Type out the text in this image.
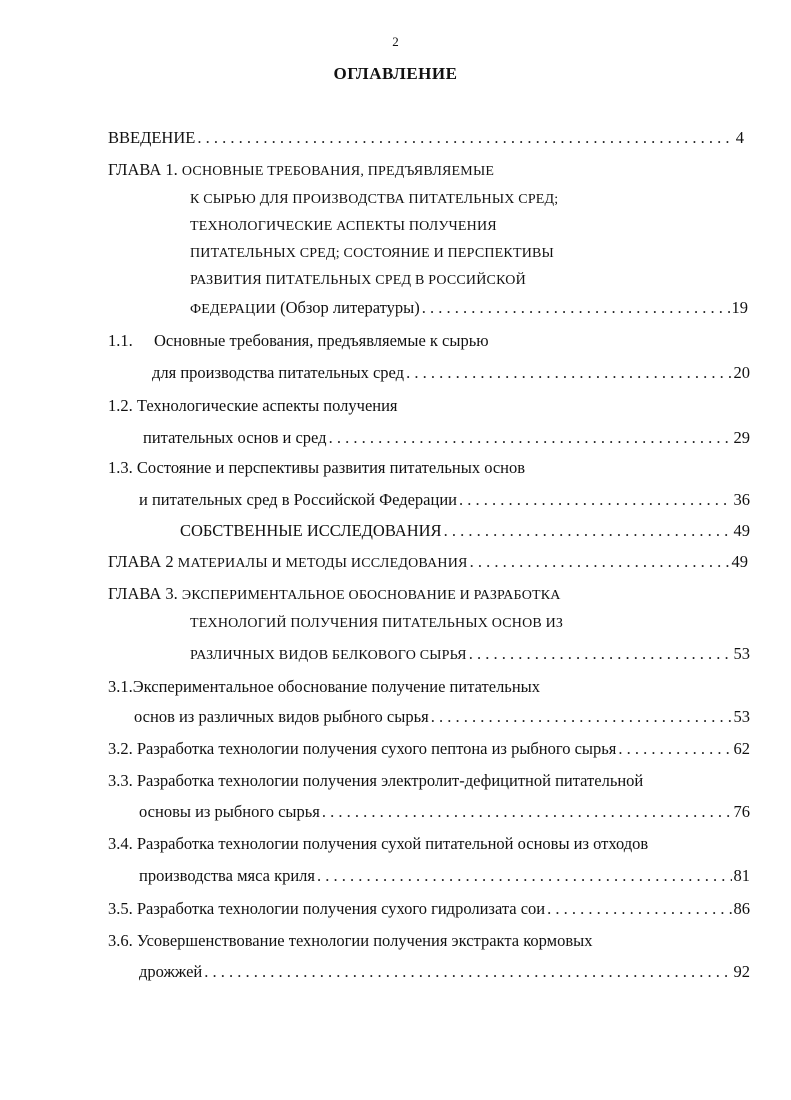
2
ОГЛАВЛЕНИЕ
ВВЕДЕНИЕ . . .	4
ГЛАВА 1. ОСНОВНЫЕ ТРЕБОВАНИЯ, ПРЕДЪЯВЛЯЕМЫЕ
К СЫРЬЮ ДЛЯ ПРОИЗВОДСТВА ПИТАТЕЛЬНЫХ СРЕД;
ТЕХНОЛОГИЧЕСКИЕ АСПЕКТЫ ПОЛУЧЕНИЯ
ПИТАТЕЛЬНЫХ СРЕД; СОСТОЯНИЕ И ПЕРСПЕКТИВЫ
РАЗВИТИЯ ПИТАТЕЛЬНЫХ СРЕД В РОССИЙСКОЙ
ФЕДЕРАЦИИ (Обзор литературы) . . .	19
1.1. Основные требования, предъявляемые к сырью
для производства питательных сред . . .	20
1.2. Технологические аспекты получения
питательных основ и сред . . .	29
1.3. Состояние и перспективы развития питательных основ
и питательных сред в Российской Федерации . . .	36
СОБСТВЕННЫЕ ИССЛЕДОВАНИЯ . . .	49
ГЛАВА 2 МАТЕРИАЛЫ И МЕТОДЫ ИССЛЕДОВАНИЯ . . .	49
ГЛАВА 3. ЭКСПЕРИМЕНТАЛЬНОЕ ОБОСНОВАНИЕ И РАЗРАБОТКА
ТЕХНОЛОГИЙ ПОЛУЧЕНИЯ ПИТАТЕЛЬНЫХ ОСНОВ ИЗ
РАЗЛИЧНЫХ ВИДОВ БЕЛКОВОГО СЫРЬЯ . . .	53
3.1.Экспериментальное обоснование получение питательных
основ из различных видов рыбного сырья . . .	53
3.2. Разработка технологии получения сухого пептона из рыбного сырья . . .	62
3.3. Разработка технологии получения электролит-дефицитной питательной
основы из рыбного сырья . . .	76
3.4. Разработка технологии получения сухой питательной основы из отходов
производства мяса криля . . .	81
3.5. Разработка технологии получения сухого гидролизата сои . . .	86
3.6. Усовершенствование технологии получения экстракта кормовых
дрожжей . . .	92
